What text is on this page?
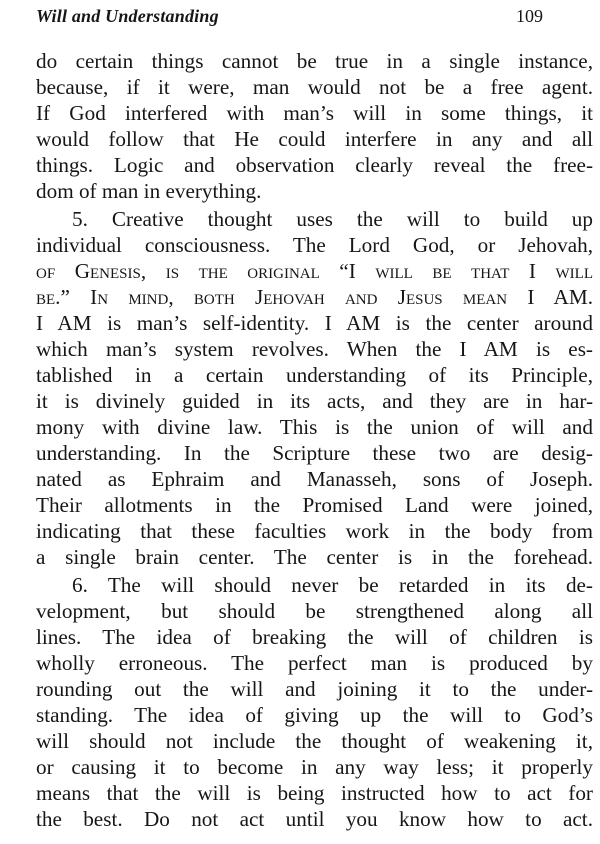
Will and Understanding	109
do certain things cannot be true in a single instance,
because, if it were, man would not be a free agent.
If God interfered with man’s will in some things, it
would follow that He could interfere in any and all
things. Logic and observation clearly reveal the free-
dom of man in everything.
5. Creative thought uses the will to build up
individual consciousness. The Lord God, or Jehovah,
of Genesis, is the original “I will be that I will
be.” In mind, both Jehovah and Jesus mean I AM.
I AM is man’s self-identity. I AM is the center around
which man’s system revolves. When the I AM is es-
tablished in a certain understanding of its Principle,
it is divinely guided in its acts, and they are in har-
mony with divine law. This is the union of will and
understanding. In the Scripture these two are desig-
nated as Ephraim and Manasseh, sons of Joseph.
Their allotments in the Promised Land were joined,
indicating that these faculties work in the body from
a single brain center. The center is in the forehead.
6. The will should never be retarded in its de-
velopment, but should be strengthened along all
lines. The idea of breaking the will of children is
wholly erroneous. The perfect man is produced by
rounding out the will and joining it to the under-
standing. The idea of giving up the will to God’s
will should not include the thought of weakening it,
or causing it to become in any way less; it properly
means that the will is being instructed how to act for
the best. Do not act until you know how to act.
